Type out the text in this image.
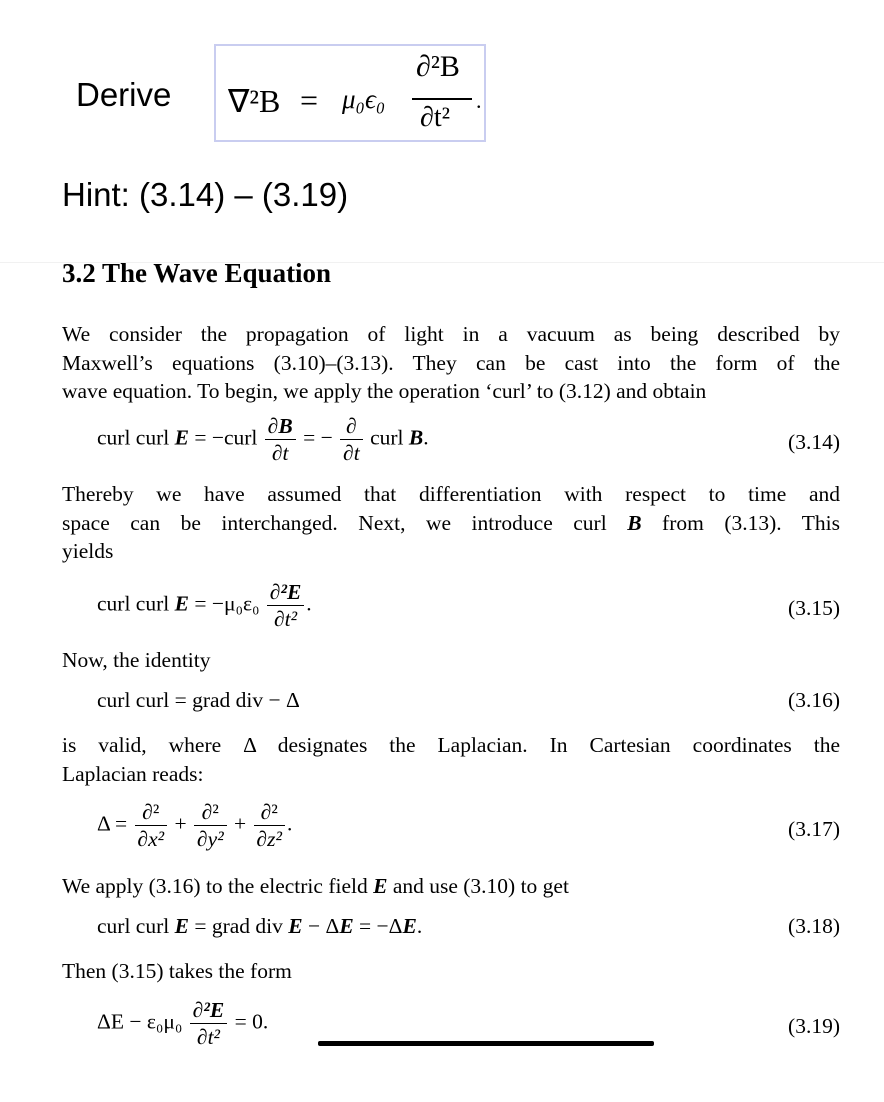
Derive ∇²B = μ₀ϵ₀
∂²B
∂t²
.
Hint: (3.14) – (3.19)
3.2 The Wave Equation
We consider the propagation of light in a vacuum as being described by
Maxwell’s equations (3.10)–(3.13). They can be cast into the form of the
wave equation. To begin, we apply the operation ‘curl’ to (3.12) and obtain
curl curl E = −curl $\frac{\partial B}{\partial t}$ = − $\frac{\partial}{\partial t}$ curl B.	(3.14)
Thereby we have assumed that differentiation with respect to time and
space can be interchanged. Next, we introduce curl B from (3.13). This
yields
curl curl $E = -\mu_0\varepsilon_0 \frac{\text{∂²E}}{\text{∂t²}}$ .	(3.15)
Now, the identity
curl curl = grad div − Δ	(3.16)
is valid, where Δ designates the Laplacian. In Cartesian coordinates the
Laplacian reads:
$\Delta = \frac{\text{∂²}}{\text{∂x²}} + \frac{\text{∂²}}{\text{∂y²}} + \frac{\text{∂²}}{\text{∂z²}}$ .	(3.17)
We apply (3.16) to the electric field E and use (3.10) to get
curl curl E = grad div E − ΔE = −ΔE.	(3.18)
Then (3.15) takes the form
$\Delta E - \varepsilon_0\mu_0 \frac{\text{∂²E}}{\text{∂t²}} = 0$.	(3.19)
